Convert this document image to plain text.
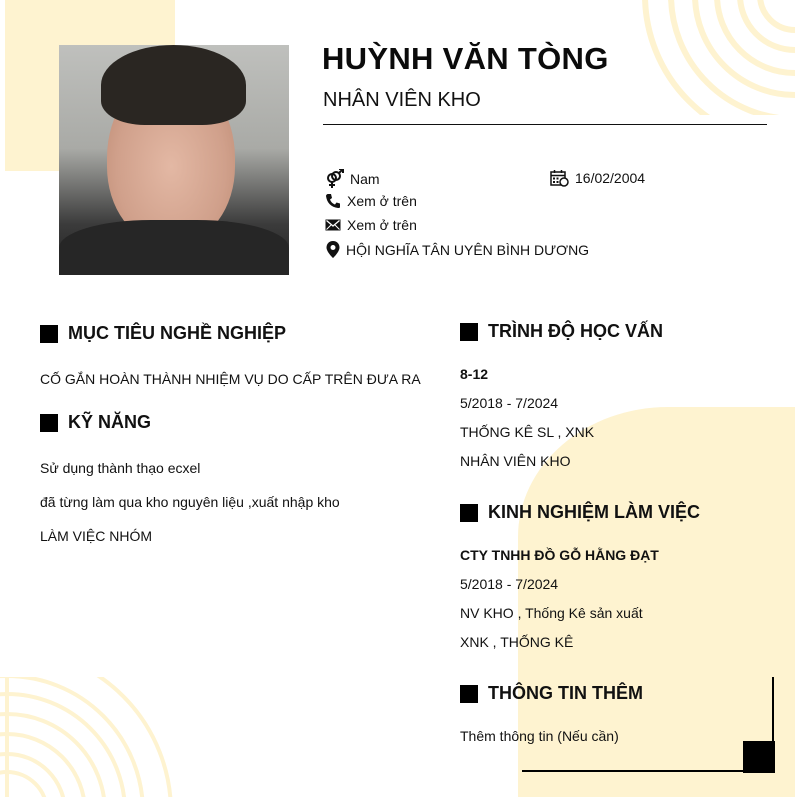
HUỲNH VĂN TÒNG
NHÂN VIÊN KHO
Nam	16/02/2004
Xem ở trên
Xem ở trên
HỘI NGHĨA TÂN UYÊN BÌNH DƯƠNG
MỤC TIÊU NGHỀ NGHIỆP
CỐ GẮN HOÀN THÀNH NHIỆM VỤ DO CẤP TRÊN ĐƯA RA
KỸ NĂNG
Sử dụng thành thạo ecxel
đã từng làm qua kho nguyên liệu ,xuất nhập kho
LÀM VIỆC NHÓM
TRÌNH ĐỘ HỌC VẤN
8-12
5/2018 - 7/2024
THỐNG KÊ SL , XNK
NHÂN VIÊN KHO
KINH NGHIỆM LÀM VIỆC
CTY TNHH ĐỒ GỖ HẰNG ĐẠT
5/2018 - 7/2024
NV KHO , Thống Kê sản xuất
XNK , THỐNG KÊ
THÔNG TIN THÊM
Thêm thông tin (Nếu cần)
